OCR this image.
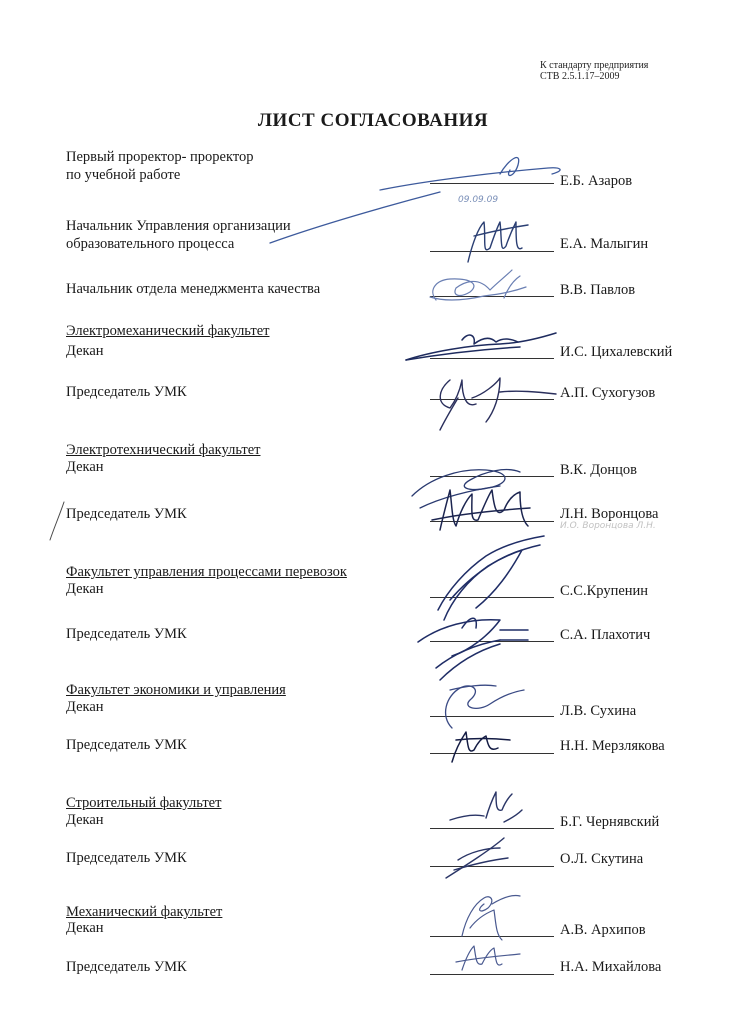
К стандарту предприятия
СТВ 2.5.1.17–2009
ЛИСТ СОГЛАСОВАНИЯ
Первый проректор- проректор
по учебной работе	Е.Б. Азаров
Начальник Управления организации
образовательного процесса	Е.А. Малыгин
Начальник отдела менеджмента качества	В.В. Павлов
Электромеханический факультет
Декан	И.С. Цихалевский
Председатель УМК	А.П. Сухогузов
Электротехнический факультет
Декан	В.К. Донцов
Председатель УМК	Л.Н. Воронцова
Факультет управления процессами перевозок
Декан	С.С.Крупенин
Председатель УМК	С.А. Плахотич
Факультет экономики и управления
Декан	Л.В. Сухина
Председатель УМК	Н.Н. Мерзлякова
Строительный факультет
Декан	Б.Г. Чернявский
Председатель УМК	О.Л. Скутина
Механический факультет
Декан	А.В. Архипов
Председатель УМК	Н.А. Михайлова
09.09.09
И.О. Воронцова Л.Н.
